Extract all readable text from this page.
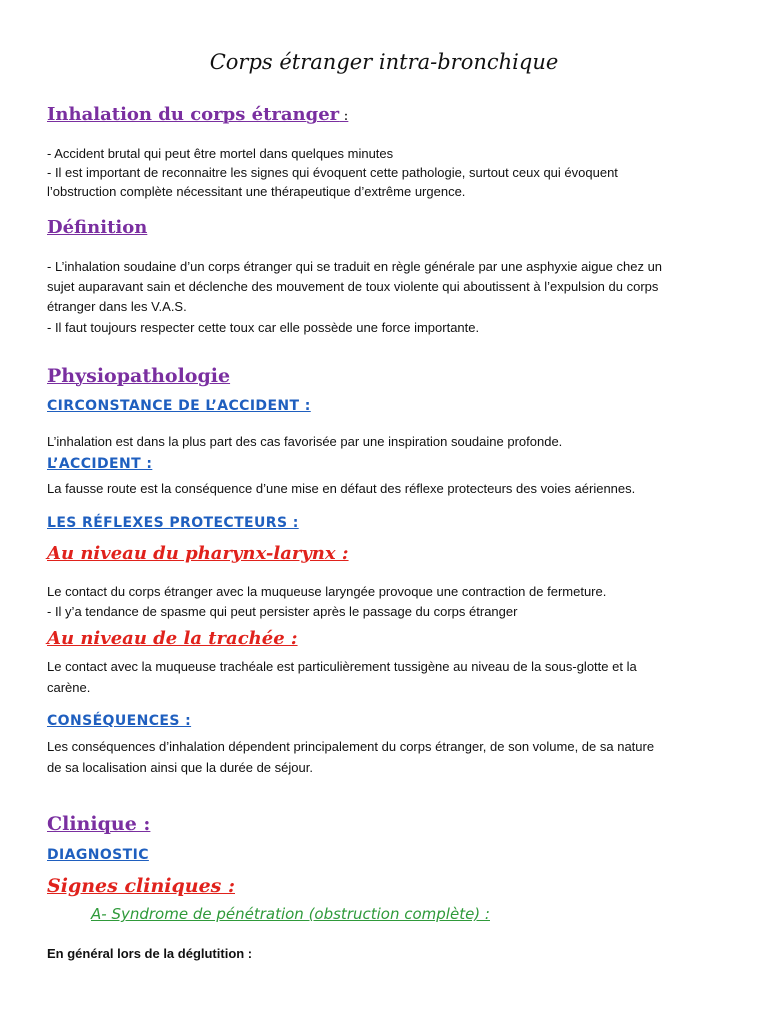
Corps étranger intra-bronchique
Inhalation du corps étranger :
- Accident brutal qui peut être mortel dans quelques minutes
- Il est important de reconnaitre les signes qui évoquent cette pathologie, surtout ceux qui évoquent
l’obstruction complète nécessitant une thérapeutique d’extrême urgence.
Définition
- L’inhalation soudaine d’un corps étranger qui se traduit en règle générale par une asphyxie aigue chez un
sujet auparavant sain et déclenche des mouvement de toux violente qui aboutissent à l’expulsion du corps
étranger dans les V.A.S.
- Il faut toujours respecter cette toux car elle possède une force importante.
Physiopathologie
CIRCONSTANCE DE L’ACCIDENT :
L’inhalation est dans la plus part des cas favorisée par une inspiration soudaine profonde.
L’ACCIDENT :
La fausse route est la conséquence d’une mise en défaut des réflexe protecteurs des voies aériennes.
LES RÉFLEXES PROTECTEURS :
Au niveau du pharynx-larynx :
Le contact du corps étranger avec la muqueuse laryngée provoque une contraction de fermeture.
- Il y’a tendance de spasme qui peut persister après le passage du corps étranger
Au niveau de la trachée :
Le contact avec la muqueuse trachéale est particulièrement tussigène au niveau de la sous-glotte et la
carène.
CONSÉQUENCES :
Les conséquences d’inhalation dépendent principalement du corps étranger, de son volume, de sa nature
de sa localisation ainsi que la durée de séjour.
Clinique :
DIAGNOSTIC
Signes cliniques :
A- Syndrome de pénétration (obstruction complète) :
En général lors de la déglutition :
